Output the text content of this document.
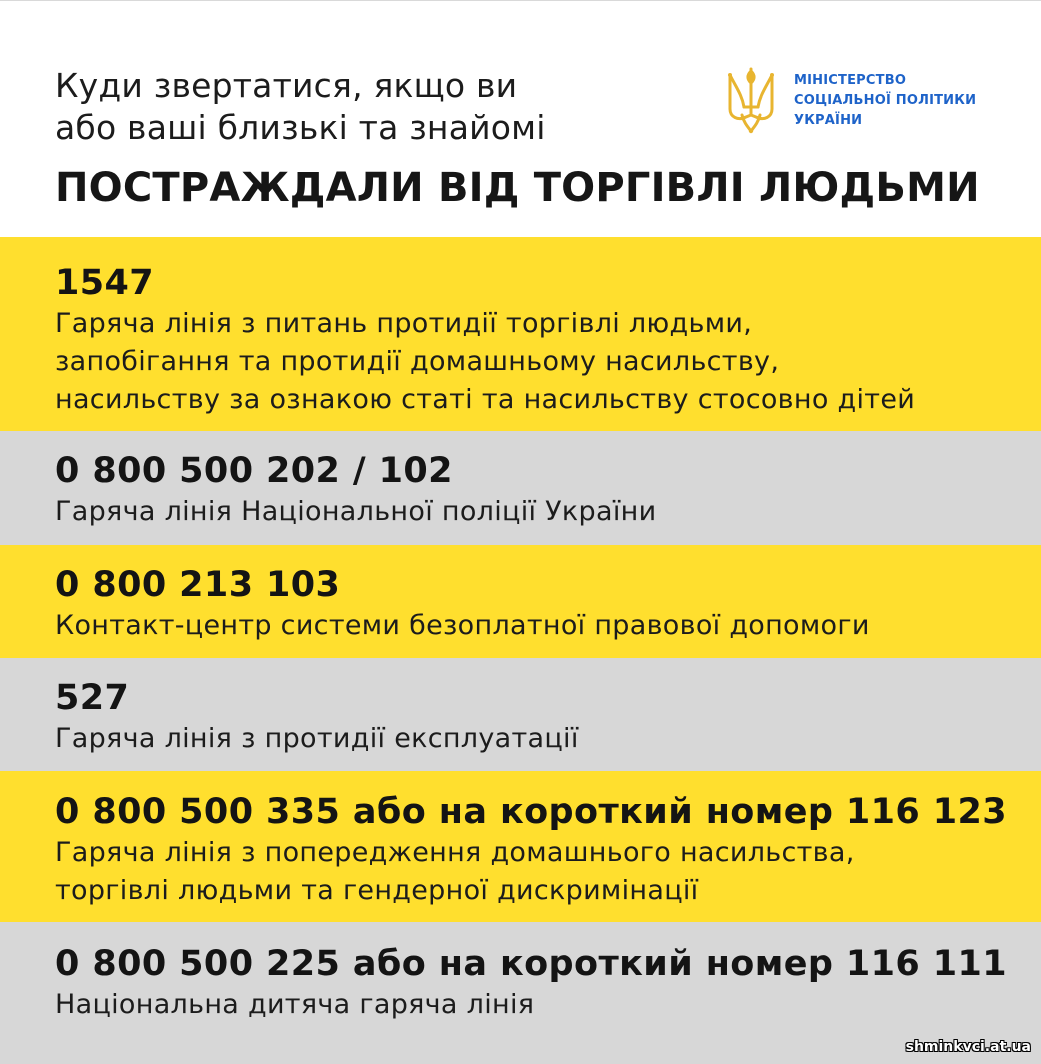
Куди звертатися, якщо ви
або ваші близькі та знайомі
ПОСТРАЖДАЛИ ВІД ТОРГІВЛІ ЛЮДЬМИ
МІНІСТЕРСТВО
СОЦІАЛЬНОЇ ПОЛІТИКИ
УКРАЇНИ
1547
Гаряча лінія з питань протидії торгівлі людьми,
запобігання та протидії домашньому насильству,
насильству за ознакою статі та насильству стосовно дітей
0 800 500 202 / 102
Гаряча лінія Національної поліції України
0 800 213 103
Контакт-центр системи безоплатної правової допомоги
527
Гаряча лінія з протидії експлуатації
0 800 500 335 або на короткий номер 116 123
Гаряча лінія з попередження домашнього насильства,
торгівлі людьми та гендерної дискримінації
0 800 500 225 або на короткий номер 116 111
Національна дитяча гаряча лінія
shminkvci.at.ua
